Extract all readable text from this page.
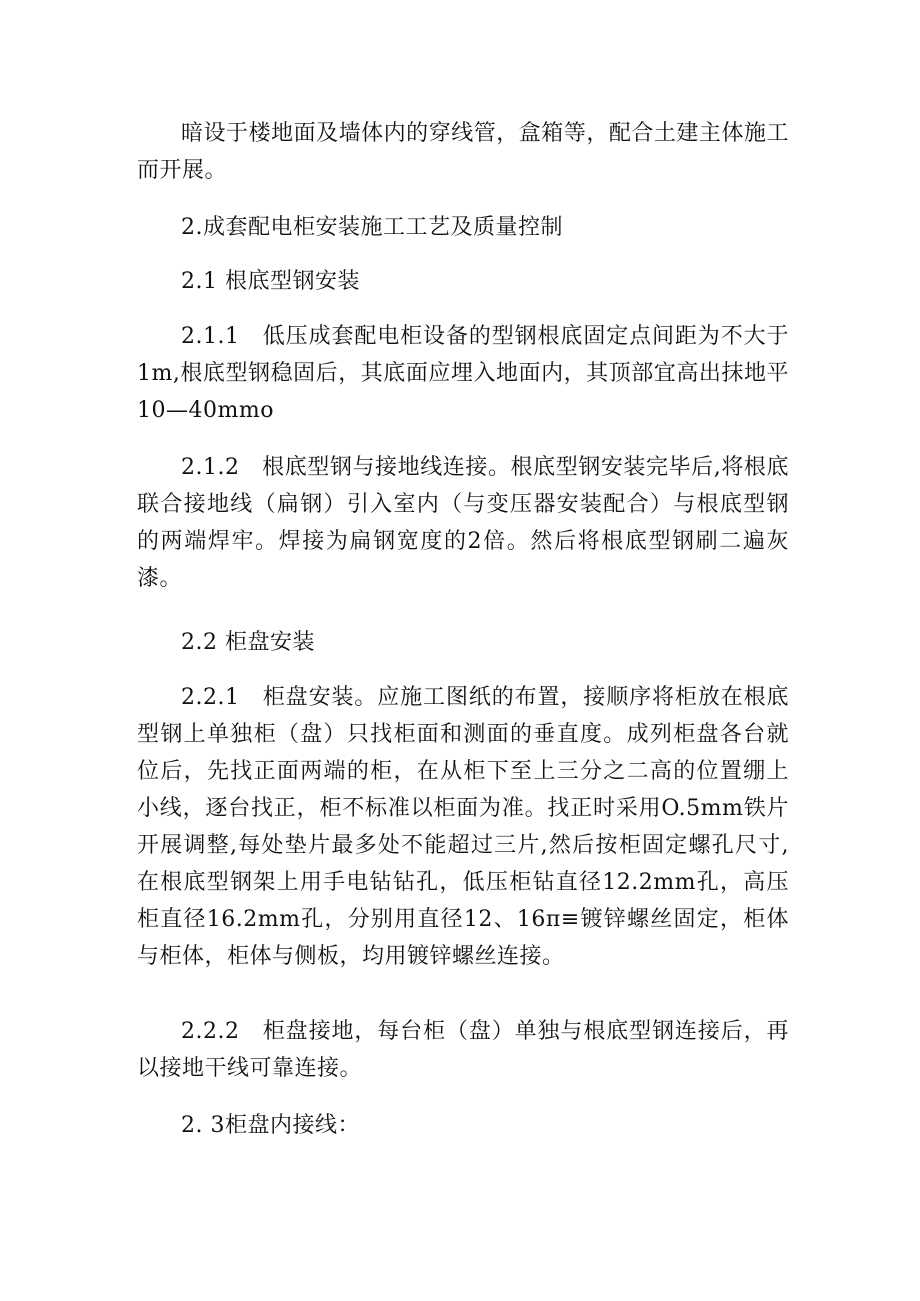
暗设于楼地面及墙体内的穿线管，盒箱等，配合土建主体施工而开展。

2.成套配电柜安装施工工艺及质量控制

2.1 根底型钢安装

2.1.1　低压成套配电柜设备的型钢根底固定点间距为不大于1m,根底型钢稳固后，其底面应埋入地面内，其顶部宜高出抹地平10—40mmo

2.1.2　根底型钢与接地线连接。根底型钢安装完毕后,将根底联合接地线（扁钢）引入室内（与变压器安装配合）与根底型钢的两端焊牢。焊接为扁钢宽度的2倍。然后将根底型钢刷二遍灰漆。

2.2 柜盘安装

2.2.1　柜盘安装。应施工图纸的布置，接顺序将柜放在根底型钢上单独柜（盘）只找柜面和测面的垂直度。成列柜盘各台就位后，先找正面两端的柜，在从柜下至上三分之二高的位置绷上小线，逐台找正，柜不标准以柜面为准。找正时采用O.5mm铁片开展调整,每处垫片最多处不能超过三片,然后按柜固定螺孔尺寸,在根底型钢架上用手电钻钻孔，低压柜钻直径12.2mm孔，高压柜直径16.2mm孔，分别用直径12、16π≡镀锌螺丝固定，柜体与柜体，柜体与侧板，均用镀锌螺丝连接。

2.2.2　柜盘接地，每台柜（盘）单独与根底型钢连接后，再以接地干线可靠连接。

2. 3柜盘内接线：
